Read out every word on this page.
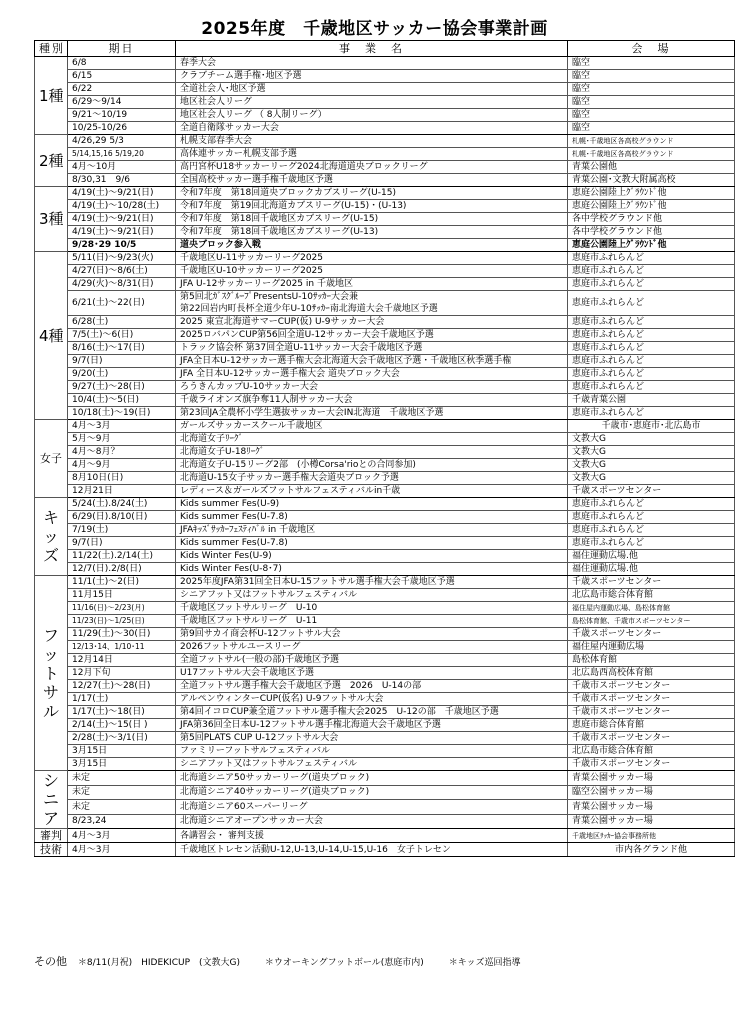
2025年度　千歳地区サッカー協会事業計画
種別	期日	事　業　名	会　場
1種	6/8	春季大会	臨空
	6/15	クラブチーム選手権･地区予選	臨空
	6/22	全道社会人･地区予選	臨空
	6/29～9/14	地区社会人リーグ	臨空
	9/21～10/19	地区社会人リーグ （ 8人制リーグ）	臨空
	10/25-10/26	全道自衛隊サッカー大会	臨空
2種	4/26,29 5/3	札幌支部春季大会	札幌･千歳地区各高校グラウンド
	5/14,15,16 5/19,20	高体連サッカー札幌支部予選	札幌･千歳地区各高校グラウンド
	4月～10月	高円宮杯U18サッカーリーグ2024北海道道央ブロックリーグ	青葉公園他
	8/30,31　9/6	全国高校サッカー選手権千歳地区予選	青葉公園･文教大附属高校
3種	4/19(土)～9/21(日)	令和7年度　第18回道央ブロックカブスリーグ(U-15)	恵庭公園陸上ｸﾞﾗｳﾝﾄﾞ他
	4/19(土)～10/28(土)	令和7年度　第19回北海道カブスリーグ(U-15)・(U-13)	恵庭公園陸上ｸﾞﾗｳﾝﾄﾞ他
	4/19(土)～9/21(日)	令和7年度　第18回千歳地区カブスリーグ(U-15)	各中学校グラウンド他
	4/19(土)～9/21(日)	令和7年度　第18回千歳地区カブスリーグ(U-13)	各中学校グラウンド他
	9/28･29 10/5	道央ブロック参入戦	恵庭公園陸上ｸﾞﾗｳﾝﾄﾞ他
4種	5/11(日)～9/23(火)	千歳地区U-11サッカーリーグ2025	恵庭市ふれらんど
	4/27(日)～8/6(土)	千歳地区U-10サッカーリーグ2025	恵庭市ふれらんど
	4/29(火)～8/31(日)	JFA U-12サッカーリーグ2025 in 千歳地区	恵庭市ふれらんど
	6/21(土)～22(日)	第5回北ｶﾞｽｸﾞﾙｰﾌﾟPresentsU-10ｻｯｶｰ大会兼
第22回岩内町長杯全道少年U-10ｻｯｶｰ南北海道大会千歳地区予選	恵庭市ふれらんど
	6/28(土)	2025 東宣北海道サマーCUP(仮) U-9サッカー大会	恵庭市ふれらんど
	7/5(土)～6(日)	2025ロバパンCUP第56回全道U-12サッカー大会千歳地区予選	恵庭市ふれらんど
	8/16(土)～17(日)	トラック協会杯 第37回全道U-11サッカー大会千歳地区予選	恵庭市ふれらんど
	9/7(日)	JFA全日本U-12サッカー選手権大会北海道大会千歳地区予選・千歳地区秋季選手権	恵庭市ふれらんど
	9/20(土)	JFA 全日本U-12サッカー選手権大会 道央ブロック大会	恵庭市ふれらんど
	9/27(土)～28(日)	ろうきんカップU-10サッカー大会	恵庭市ふれらんど
	10/4(土)～5(日)	千歳ライオンズ旗争奪11人制サッカー大会	千歳青葉公園
	10/18(土)～19(日)	第23回JA全農杯小学生選抜サッカー大会IN北海道　千歳地区予選	恵庭市ふれらんど
女子	4月～3月	ガールズサッカースクール千歳地区	千歳市･恵庭市･北広島市
	5月～9月	北海道女子ﾘｰｸﾞ	文教大G
	4月～8月？	北海道女子U-18ﾘｰｸﾞ	文教大G
	4月～9月	北海道女子U-15リーグ2部　(小樽Corsa'rioとの合同参加)	文教大G
	8月10日(日)	北海道U-15女子サッカー選手権大会道央ブロック予選	文教大G
	12月21日	レディース＆ガールズフットサルフェスティバルin千歳	千歳スポーツセンター
キッズ	5/24(土).8/24(土)	Kids summer Fes(U-9)	恵庭市ふれらんど
	6/29(日).8/10(日)	Kids summer Fes(U-7.8)	恵庭市ふれらんど
	7/19(土)	JFAｷｯｽﾞｻｯｶｰﾌｪｽﾃｨﾊﾞﾙ in 千歳地区	恵庭市ふれらんど
	9/7(日)	Kids summer Fes(U-7.8)	恵庭市ふれらんど
	11/22(土).2/14(土)	Kids Winter Fes(U-9)	福住運動広場.他
	12/7(日).2/8(日)	Kids Winter Fes(U-8･7)	福住運動広場.他
フットサル	11/1(土)～2(日)	2025年度JFA第31回全日本U-15フットサル選手権大会千歳地区予選	千歳スポーツセンター
	11月15日	シニアフット又はフットサルフェスティバル	北広島市総合体育館
	11/16(日)～2/23(月)	千歳地区フットサルリーグ　U-10	福住屋内運動広場、島松体育館
	11/23(日)～1/25(日)	千歳地区フットサルリーグ　U-11	島松体育館、千歳市スポーツセンター
	11/29(土)～30(日)	第9回サカイ商会杯U-12フットサル大会	千歳スポーツセンター
	12/13･14、1/10･11	2026フットサルユースリーグ	福住屋内運動広場
	12月14日	全道フットサル(一般の部)千歳地区予選	島松体育館
	12月下旬	U17フットサル大会千歳地区予選	北広島西高校体育館
	12/27(土)～28(日)	全道フットサル選手権大会千歳地区予選　2026　U-14の部	千歳市スポーツセンター
	1/17(土)	アルペンウィンターCUP(仮名) U-9フットサル大会	千歳市スポーツセンター
	1/17(土)～18(日)	第4回イコロCUP兼全道フットサル選手権大会2025　U-12の部　千歳地区予選	千歳市スポーツセンター
	2/14(土)～15(日 )	JFA第36回全日本U-12フットサル選手権北海道大会千歳地区予選	恵庭市総合体育館
	2/28(土)～3/1(日)	第5回PLATS CUP U-12フットサル大会	千歳市スポーツセンター
	3月15日	ファミリーフットサルフェスティバル	北広島市総合体育館
	3月15日	シニアフット又はフットサルフェスティバル	千歳市スポーツセンター
シニア	未定	北海道シニア50サッカーリーグ(道央ブロック)	青葉公園サッカー場
	未定	北海道シニア40サッカーリーグ(道央ブロック)	臨空公園サッカー場
	未定	北海道シニア60スーパーリーグ	青葉公園サッカー場
	8/23,24	北海道シニアオープンサッカー大会	青葉公園サッカー場
審判	4月～3月	各講習会・ 審判支援	千歳地区ｻｯｶｰ協会事務所他
技術	4月～3月	千歳地区トレセン活動U-12,U-13,U-14,U-15,U-16　女子トレセン	市内各グランド他
その他 ＊8/11(月祝)　HIDEKICUP　(文教大G)	＊ウオーキングフットボール(恵庭市内)	＊キッズ巡回指導
